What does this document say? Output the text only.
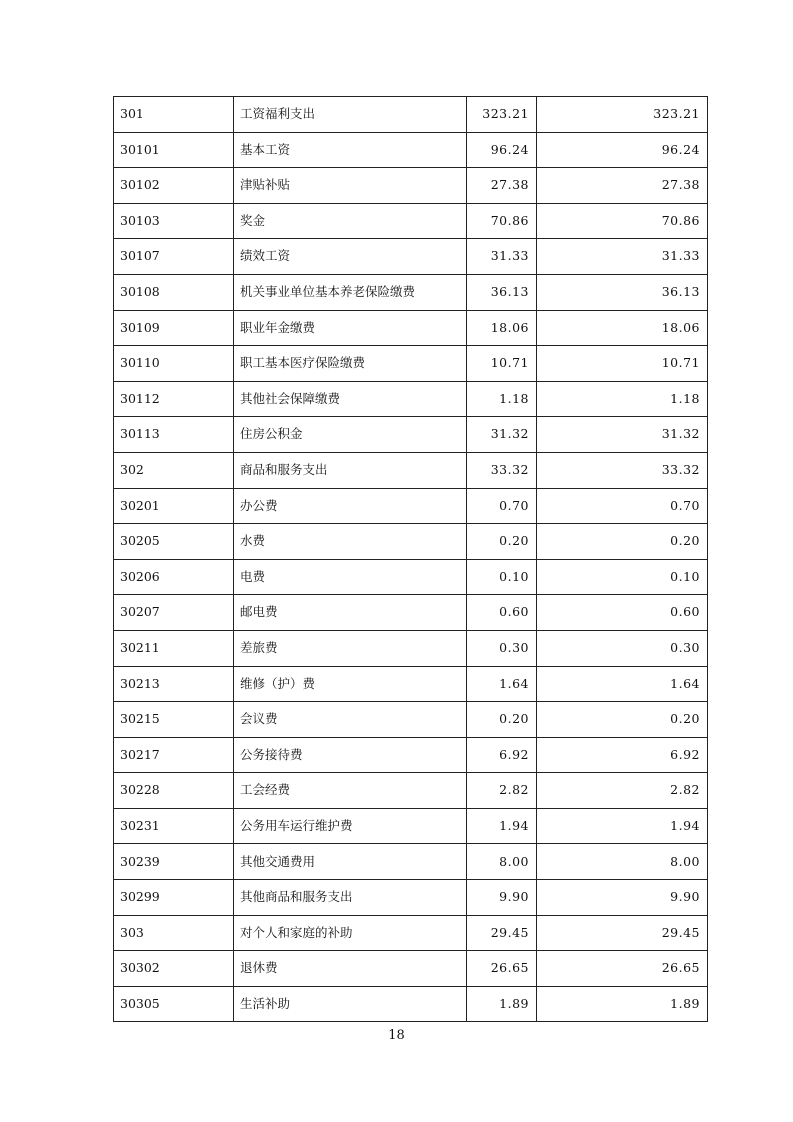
301	工资福利支出	323.21	323.21
30101	基本工资	96.24	96.24
30102	津贴补贴	27.38	27.38
30103	奖金	70.86	70.86
30107	绩效工资	31.33	31.33
30108	机关事业单位基本养老保险缴费	36.13	36.13
30109	职业年金缴费	18.06	18.06
30110	职工基本医疗保险缴费	10.71	10.71
30112	其他社会保障缴费	1.18	1.18
30113	住房公积金	31.32	31.32
302	商品和服务支出	33.32	33.32
30201	办公费	0.70	0.70
30205	水费	0.20	0.20
30206	电费	0.10	0.10
30207	邮电费	0.60	0.60
30211	差旅费	0.30	0.30
30213	维修（护）费	1.64	1.64
30215	会议费	0.20	0.20
30217	公务接待费	6.92	6.92
30228	工会经费	2.82	2.82
30231	公务用车运行维护费	1.94	1.94
30239	其他交通费用	8.00	8.00
30299	其他商品和服务支出	9.90	9.90
303	对个人和家庭的补助	29.45	29.45
30302	退休费	26.65	26.65
30305	生活补助	1.89	1.89
18
